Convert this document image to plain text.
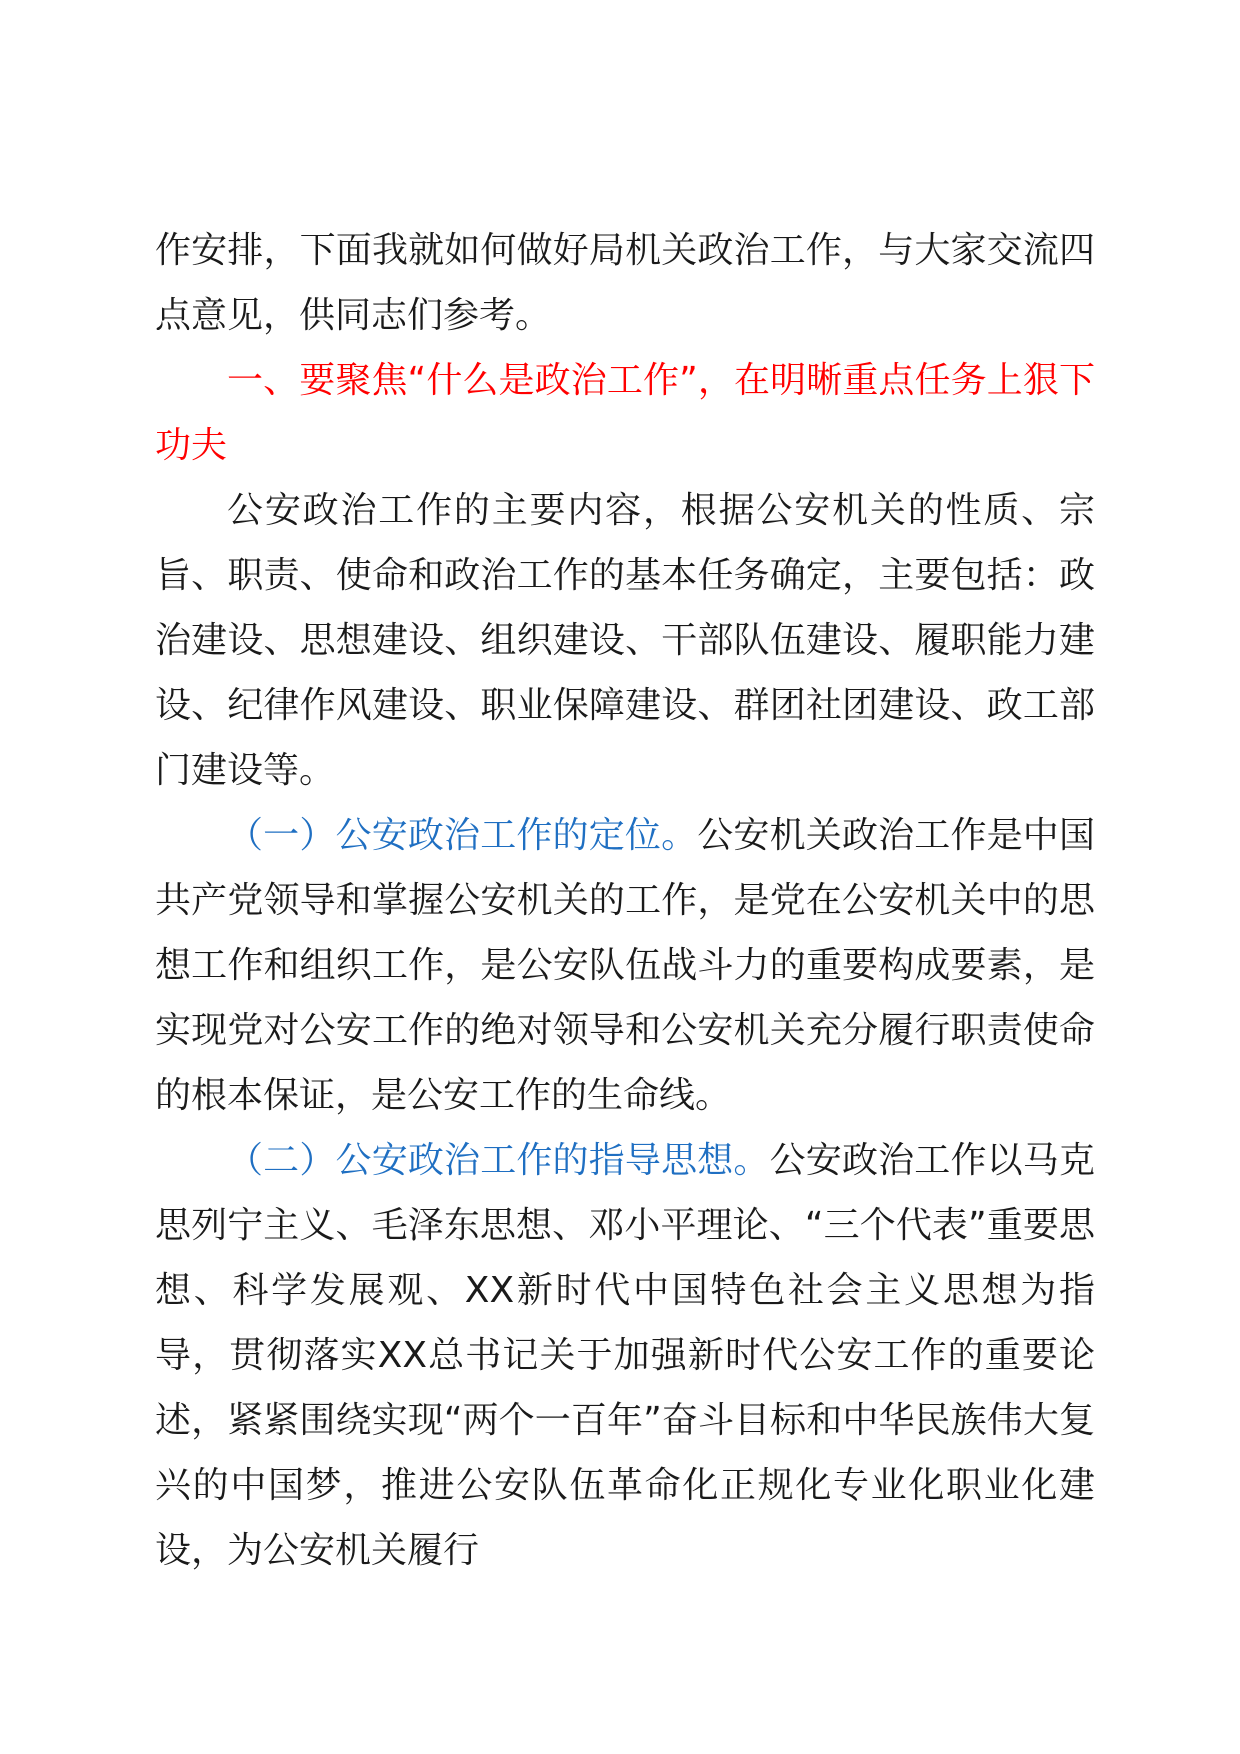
作安排，下面我就如何做好局机关政治工作，与大家交流四点意见，供同志们参考。

一、要聚焦“什么是政治工作”，在明晰重点任务上狠下功夫

公安政治工作的主要内容，根据公安机关的性质、宗旨、职责、使命和政治工作的基本任务确定，主要包括：政治建设、思想建设、组织建设、干部队伍建设、履职能力建设、纪律作风建设、职业保障建设、群团社团建设、政工部门建设等。

（一）公安政治工作的定位。公安机关政治工作是中国共产党领导和掌握公安机关的工作，是党在公安机关中的思想工作和组织工作，是公安队伍战斗力的重要构成要素，是实现党对公安工作的绝对领导和公安机关充分履行职责使命的根本保证，是公安工作的生命线。

（二）公安政治工作的指导思想。公安政治工作以马克思列宁主义、毛泽东思想、邓小平理论、“三个代表”重要思想、科学发展观、XX新时代中国特色社会主义思想为指导，贯彻落实XX总书记关于加强新时代公安工作的重要论述，紧紧围绕实现“两个一百年”奋斗目标和中华民族伟大复兴的中国梦，推进公安队伍革命化正规化专业化职业化建设，为公安机关履行
